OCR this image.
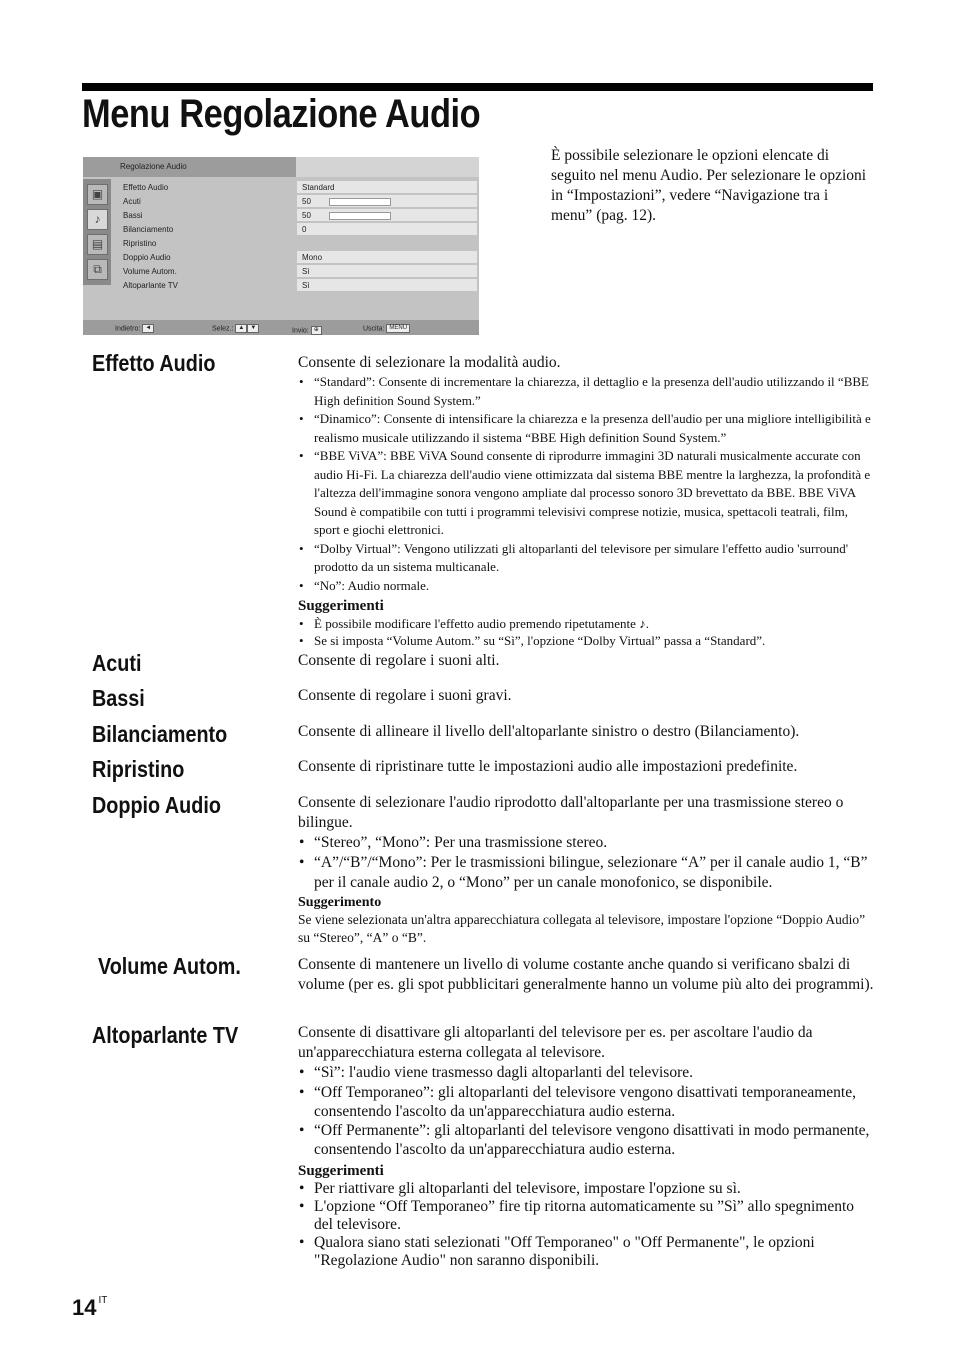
Menu Regolazione Audio

È possibile selezionare le opzioni elencate di seguito nel menu Audio. Per selezionare le opzioni in “Impostazioni”, vedere “Navigazione tra i menu” (pag. 12).

Regolazione Audio
▣
♪
▤
⧉
Effetto Audio	Standard
Acuti	50
Bassi	50
Bilanciamento	0
Ripristino
Doppio Audio	Mono
Volume Autom.	Sì
Altoparlante TV	Sì
Indietro: ◄	Selez.: ▲ ▼	Invio: ⊕	Uscita: MENU
Effetto Audio	Consente di selezionare la modalità audio.

• “Standard”: Consente di incrementare la chiarezza, il dettaglio e la presenza dell'audio utilizzando il “BBE High definition Sound System.”
• “Dinamico”: Consente di intensificare la chiarezza e la presenza dell'audio per una migliore intelligibilità e realismo musicale utilizzando il sistema “BBE High definition Sound System.”
• “BBE ViVA”: BBE ViVA Sound consente di riprodurre immagini 3D naturali musicalmente accurate con audio Hi-Fi. La chiarezza dell'audio viene ottimizzata dal sistema BBE mentre la larghezza, la profondità e l'altezza dell'immagine sonora vengono ampliate dal processo sonoro 3D brevettato da BBE. BBE ViVA Sound è compatibile con tutti i programmi televisivi comprese notizie, musica, spettacoli teatrali, film, sport e giochi elettronici.
• “Dolby Virtual”: Vengono utilizzati gli altoparlanti del televisore per simulare l'effetto audio 'surround' prodotto da un sistema multicanale.
• “No”: Audio normale.
Suggerimenti
• È possibile modificare l'effetto audio premendo ripetutamente ♪.
• Se si imposta “Volume Autom.” su “Sì”, l'opzione “Dolby Virtual” passa a “Standard”.
Acuti	Consente di regolare i suoni alti.

Bassi	Consente di regolare i suoni gravi.

Bilanciamento	Consente di allineare il livello dell'altoparlante sinistro o destro (Bilanciamento).

Ripristino	Consente di ripristinare tutte le impostazioni audio alle impostazioni predefinite.

Doppio Audio	Consente di selezionare l'audio riprodotto dall'altoparlante per una trasmissione stereo o bilingue.

• “Stereo”, “Mono”: Per una trasmissione stereo.
• “A”/“B”/“Mono”: Per le trasmissioni bilingue, selezionare “A” per il canale audio 1, “B” per il canale audio 2, o “Mono” per un canale monofonico, se disponibile.
Suggerimento

Se viene selezionata un'altra apparecchiatura collegata al televisore, impostare l'opzione “Doppio Audio” su “Stereo”, “A” o “B”.

Volume Autom.	Consente di mantenere un livello di volume costante anche quando si verificano sbalzi di volume (per es. gli spot pubblicitari generalmente hanno un volume più alto dei programmi).

Altoparlante TV	Consente di disattivare gli altoparlanti del televisore per es. per ascoltare l'audio da un'apparecchiatura esterna collegata al televisore.

• “Sì”: l'audio viene trasmesso dagli altoparlanti del televisore.
• “Off Temporaneo”: gli altoparlanti del televisore vengono disattivati temporaneamente, consentendo l'ascolto da un'apparecchiatura audio esterna.
• “Off Permanente”: gli altoparlanti del televisore vengono disattivati in modo permanente, consentendo l'ascolto da un'apparecchiatura audio esterna.
Suggerimenti
• Per riattivare gli altoparlanti del televisore, impostare l'opzione su sì.
• L'opzione “Off Temporaneo” fire tip ritorna automaticamente su ”Sì” allo spegnimento del televisore.
• Qualora siano stati selezionati "Off Temporaneo" o "Off Permanente", le opzioni "Regolazione Audio" non saranno disponibili.
14 $^{IT}$
